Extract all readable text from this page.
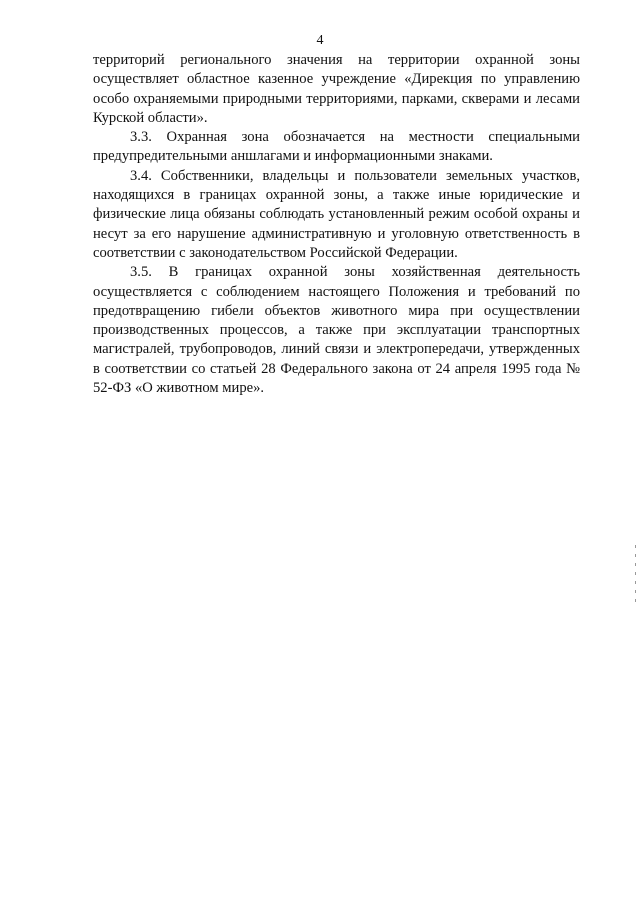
4

территорий регионального значения на территории охранной зоны осуществляет областное казенное учреждение «Дирекция по управлению особо охраняемыми природными территориями, парками, скверами и лесами Курской области».

3.3. Охранная зона обозначается на местности специальными предупредительными аншлагами и информационными знаками.

3.4. Собственники, владельцы и пользователи земельных участков, находящихся в границах охранной зоны, а также иные юридические и физические лица обязаны соблюдать установленный режим особой охраны и несут за его нарушение административную и уголовную ответственность в соответствии с законодательством Российской Федерации.

3.5. В границах охранной зоны хозяйственная деятельность осуществляется с соблюдением настоящего Положения и требований по предотвращению гибели объектов животного мира при осуществлении производственных процессов, а также при эксплуатации транспортных магистралей, трубопроводов, линий связи и электропередачи, утвержденных в соответствии со статьей 28 Федерального закона от 24 апреля 1995 года № 52-ФЗ «О животном мире».
